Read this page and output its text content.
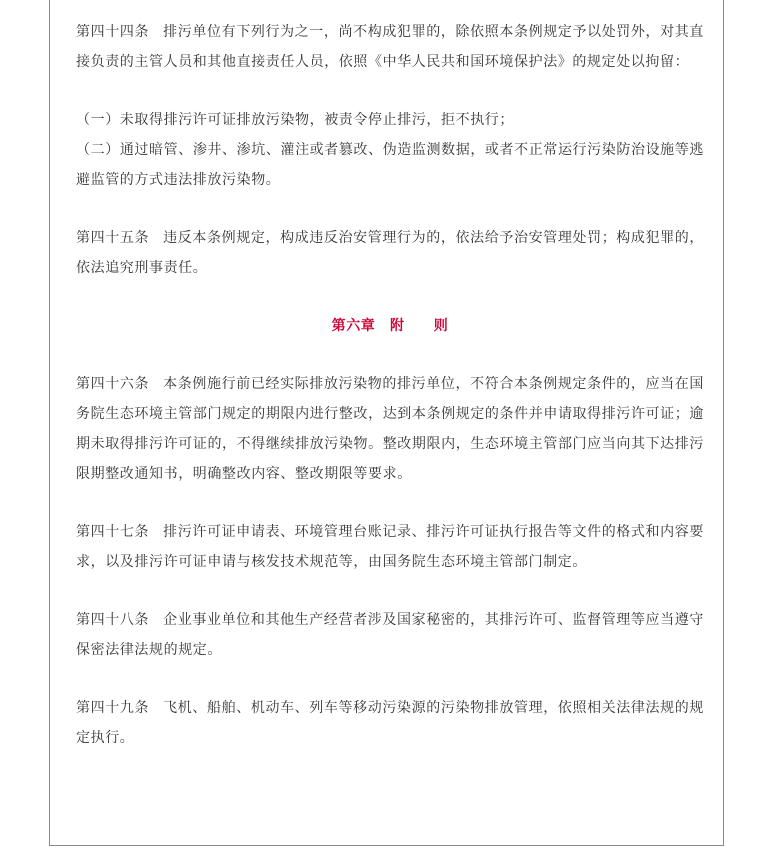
第四十四条 排污单位有下列行为之一，尚不构成犯罪的，除依照本条例规定予以处罚外，对其直接负责的主管人员和其他直接责任人员，依照《中华人民共和国环境保护法》的规定处以拘留：

（一）未取得排污许可证排放污染物，被责令停止排污，拒不执行；

（二）通过暗管、渗井、渗坑、灌注或者篡改、伪造监测数据，或者不正常运行污染防治设施等逃避监管的方式违法排放污染物。

第四十五条 违反本条例规定，构成违反治安管理行为的，依法给予治安管理处罚；构成犯罪的，依法追究刑事责任。

第六章　附　　则

第四十六条 本条例施行前已经实际排放污染物的排污单位，不符合本条例规定条件的，应当在国务院生态环境主管部门规定的期限内进行整改，达到本条例规定的条件并申请取得排污许可证；逾期未取得排污许可证的，不得继续排放污染物。整改期限内，生态环境主管部门应当向其下达排污限期整改通知书，明确整改内容、整改期限等要求。

第四十七条 排污许可证申请表、环境管理台账记录、排污许可证执行报告等文件的格式和内容要求，以及排污许可证申请与核发技术规范等，由国务院生态环境主管部门制定。

第四十八条 企业事业单位和其他生产经营者涉及国家秘密的，其排污许可、监督管理等应当遵守保密法律法规的规定。

第四十九条 飞机、船舶、机动车、列车等移动污染源的污染物排放管理，依照相关法律法规的规定执行。
